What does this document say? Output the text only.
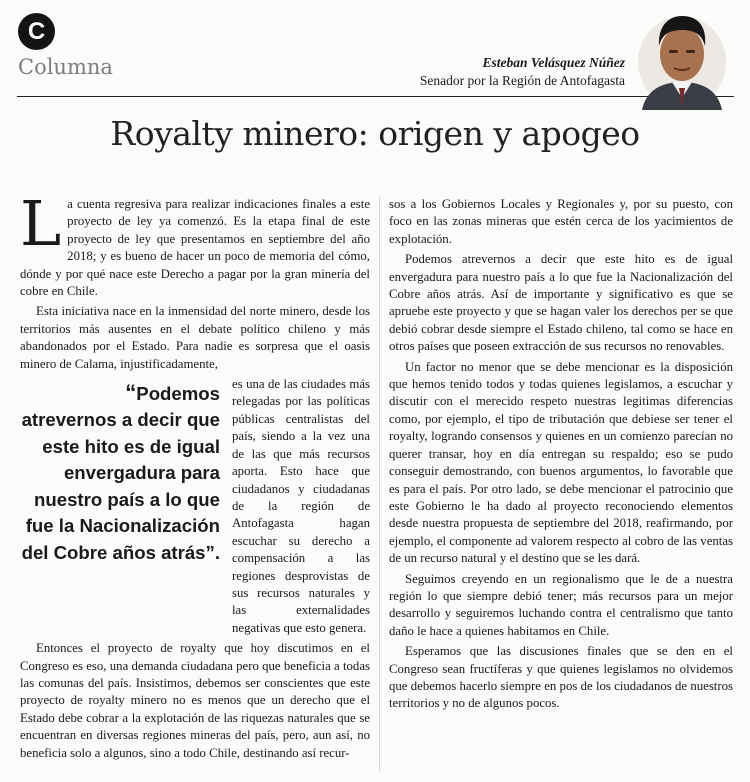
C
Columna	Esteban Velásquez Núñez
Senador por la Región de Antofagasta
Royalty minero: origen y apogeo

La cuenta regresiva para realizar indicaciones finales a este proyecto de ley ya comenzó. Es la etapa final de este proyecto de ley que presentamos en septiembre del año 2018; y es bueno de hacer un poco de memoria del cómo, dónde y por qué nace este Derecho a pagar por la gran minería del cobre en Chile.

Esta iniciativa nace en la inmensidad del norte minero, desde los territorios más ausentes en el debate político chileno y más abandonados por el Estado. Para nadie es sorpresa que el oasis minero de Calama, injustificadamente,

“Podemos atrevernos a decir que este hito es de igual envergadura para nuestro país a lo que fue la Nacionalización del Cobre años atrás”.

es una de las ciudades más relegadas por las políticas públicas centralistas del país, siendo a la vez una de las que más recursos aporta. Esto hace que ciudadanos y ciudadanas de la región de Antofagasta hagan escuchar su derecho a compensación a las regiones desprovistas de sus recursos naturales y las externalidades negativas que esto genera.

Entonces el proyecto de royalty que hoy discutimos en el Congreso es eso, una demanda ciudadana pero que beneficia a todas las comunas del país. Insistimos, debemos ser conscientes que este proyecto de royalty minero no es menos que un derecho que el Estado debe cobrar a la explotación de las riquezas naturales que se encuentran en diversas regiones mineras del país, pero, aun así, no beneficia solo a algunos, sino a todo Chile, destinando así recur-

sos a los Gobiernos Locales y Regionales y, por su puesto, con foco en las zonas mineras que estén cerca de los yacimientos de explotación.

Podemos atrevernos a decir que este hito es de igual envergadura para nuestro país a lo que fue la Nacionalización del Cobre años atrás. Así de importante y significativo es que se apruebe este proyecto y que se hagan valer los derechos per se que debió cobrar desde siempre el Estado chileno, tal como se hace en otros países que poseen extracción de sus recursos no renovables.

Un factor no menor que se debe mencionar es la disposición que hemos tenido todos y todas quienes legislamos, a escuchar y discutir con el merecido respeto nuestras legitimas diferencias como, por ejemplo, el tipo de tributación que debiese ser tener el royalty, logrando consensos y quienes en un comienzo parecían no querer transar, hoy en día entregan su respaldo; eso se pudo conseguir demostrando, con buenos argumentos, lo favorable que es para el país. Por otro lado, se debe mencionar el patrocinio que este Gobierno le ha dado al proyecto reconociendo elementos desde nuestra propuesta de septiembre del 2018, reafirmando, por ejemplo, el componente ad valorem respecto al cobro de las ventas de un recurso natural y el destino que se les dará.

Seguimos creyendo en un regionalismo que le de a nuestra región lo que siempre debió tener; más recursos para un mejor desarrollo y seguiremos luchando contra el centralismo que tanto daño le hace a quienes habitamos en Chile.

Esperamos que las discusiones finales que se den en el Congreso sean fructíferas y que quienes legislamos no olvidemos que debemos hacerlo siempre en pos de los ciudadanos de nuestros territorios y no de algunos pocos.
